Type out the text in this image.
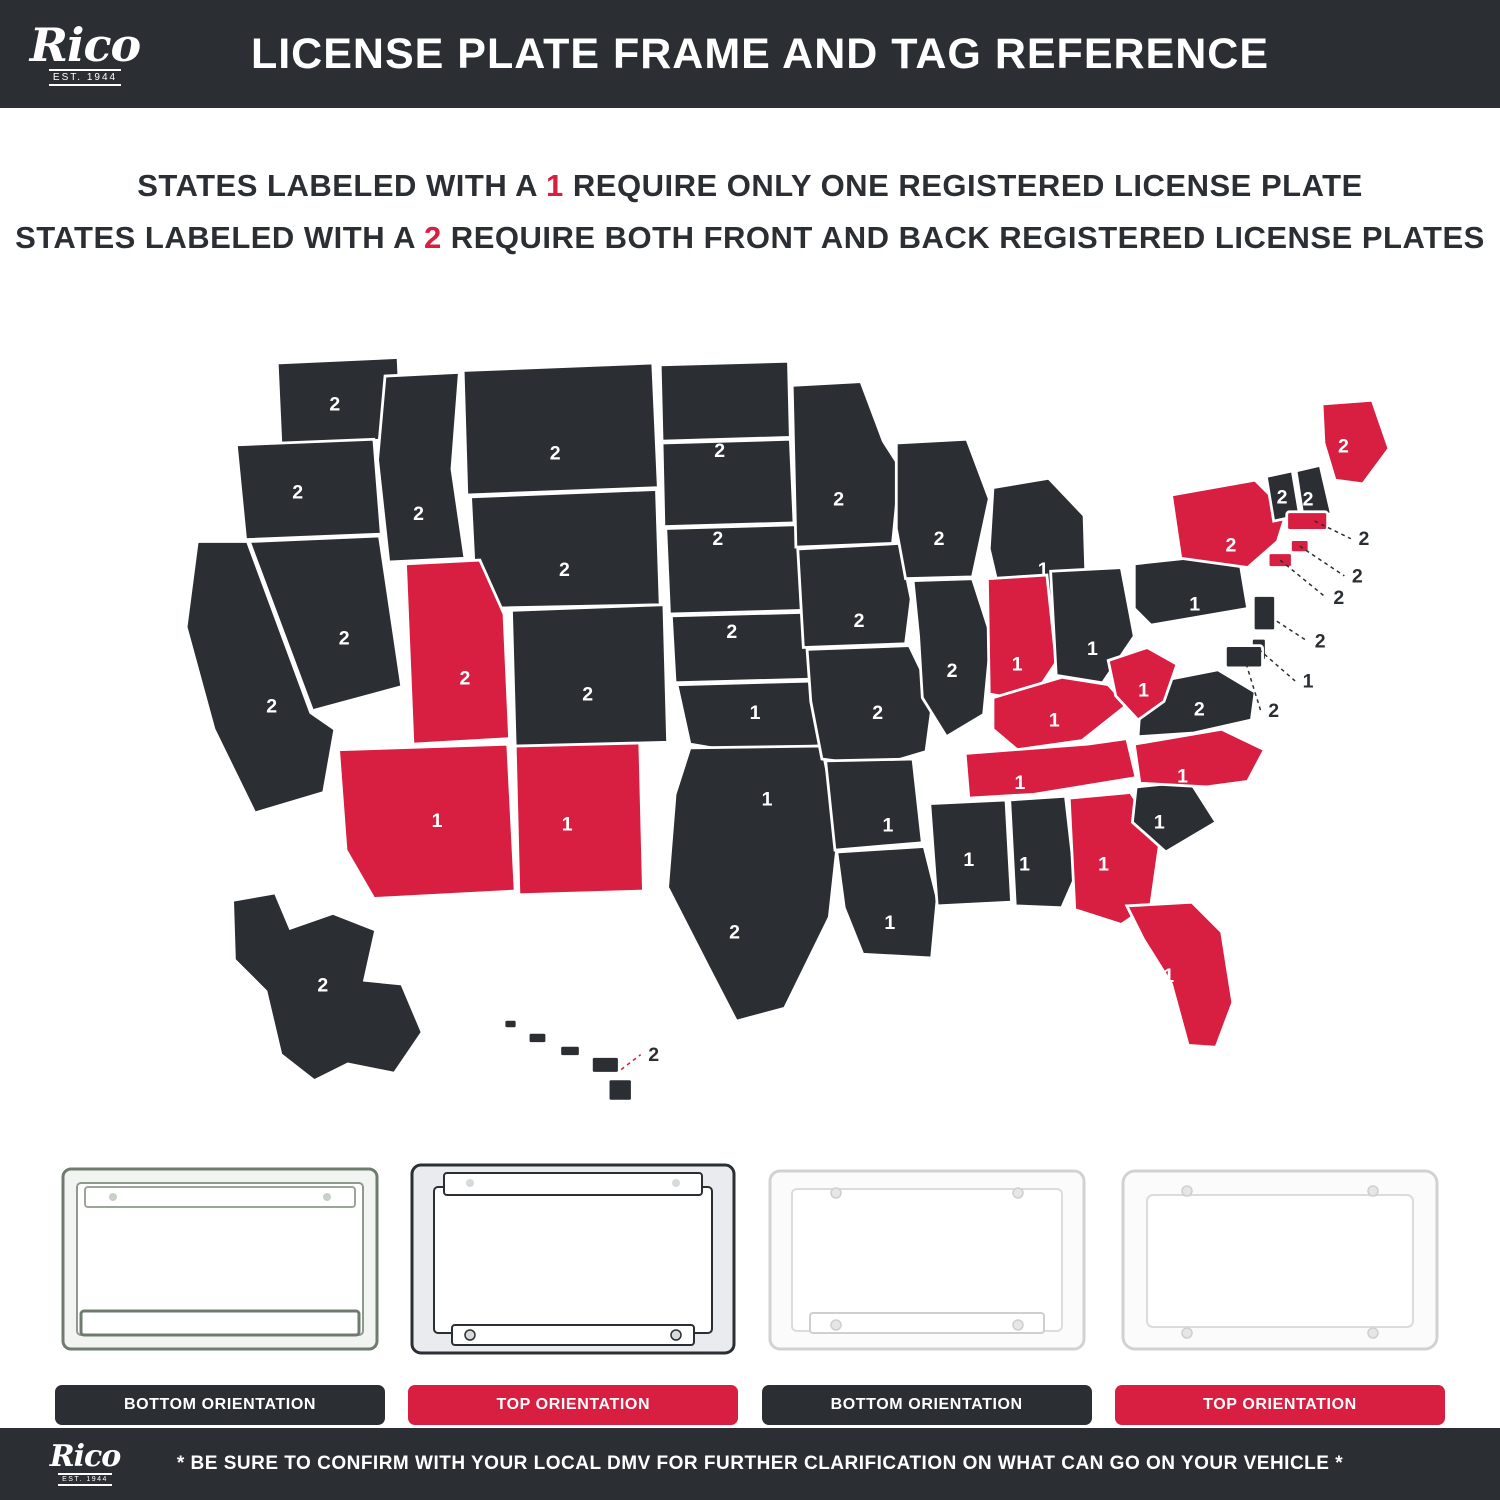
Rico
EST. 1944	LICENSE PLATE FRAME AND TAG REFERENCE
STATES LABELED WITH A 1 REQUIRE ONLY ONE REGISTERED LICENSE PLATE
STATES LABELED WITH A 2 REQUIRE BOTH FRONT AND BACK REGISTERED LICENSE PLATES
2
2
2
2
2
2
2
2
1	1
2
2
2
2
1
1
2
2
2
2
1
1
2
2
1
1
1
1
1
1 1	1
1
1
1
2
1
1
2
2 2
2
2
2
2
2
2
1
2
2
BOTTOM ORIENTATION	TOP ORIENTATION	BOTTOM ORIENTATION	TOP ORIENTATION
Rico
EST. 1944
* BE SURE TO CONFIRM WITH YOUR LOCAL DMV FOR FURTHER CLARIFICATION ON WHAT CAN GO ON YOUR VEHICLE *
